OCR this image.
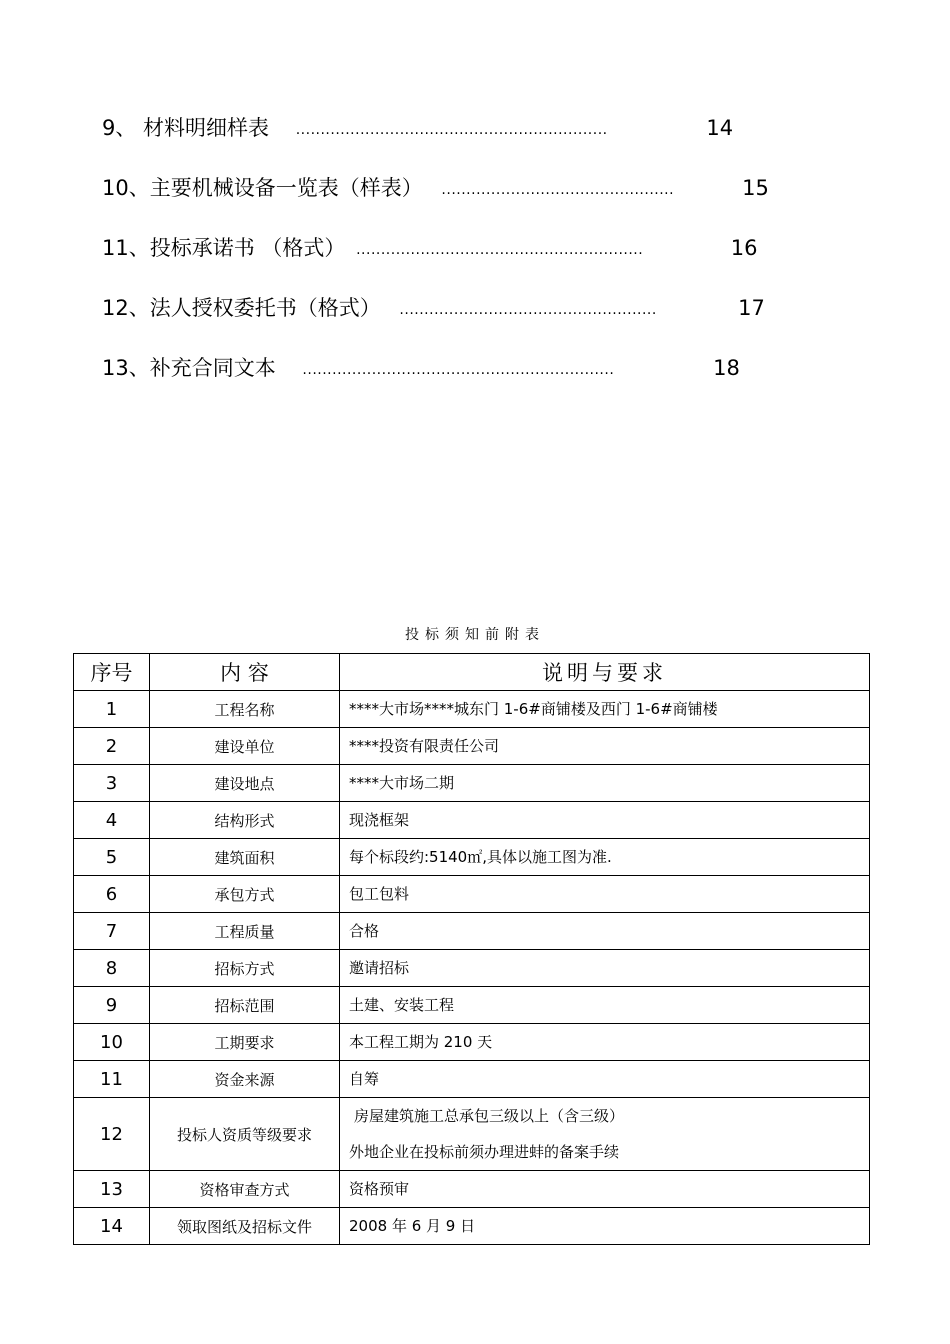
9、 材料明细样表 ...............................................................	14
10、主要机械设备一览表（样表） ...............................................	15
11、投标承诺书 （格式） ..........................................................	16
12、法人授权委托书（格式） ....................................................	17
13、补充合同文本 ...............................................................	18
投标须知前附表
序号	内 容	说明与要求
1	工程名称	****大市场****城东门 1-6#商铺楼及西门 1-6#商铺楼

2	建设单位	****投资有限责任公司

3	建设地点	****大市场二期

4	结构形式	现浇框架

5	建筑面积	每个标段约:5140㎡,具体以施工图为准.

6	承包方式	包工包料

7	工程质量	合格

8	招标方式	邀请招标

9	招标范围	土建、安装工程

10	工期要求	本工程工期为 210 天

11	资金来源	自筹

12	投标人资质等级要求	房屋建筑施工总承包三级以上（含三级）
外地企业在投标前须办理进蚌的备案手续

13	资格审查方式	资格预审

14	领取图纸及招标文件	2008 年 6 月 9 日
